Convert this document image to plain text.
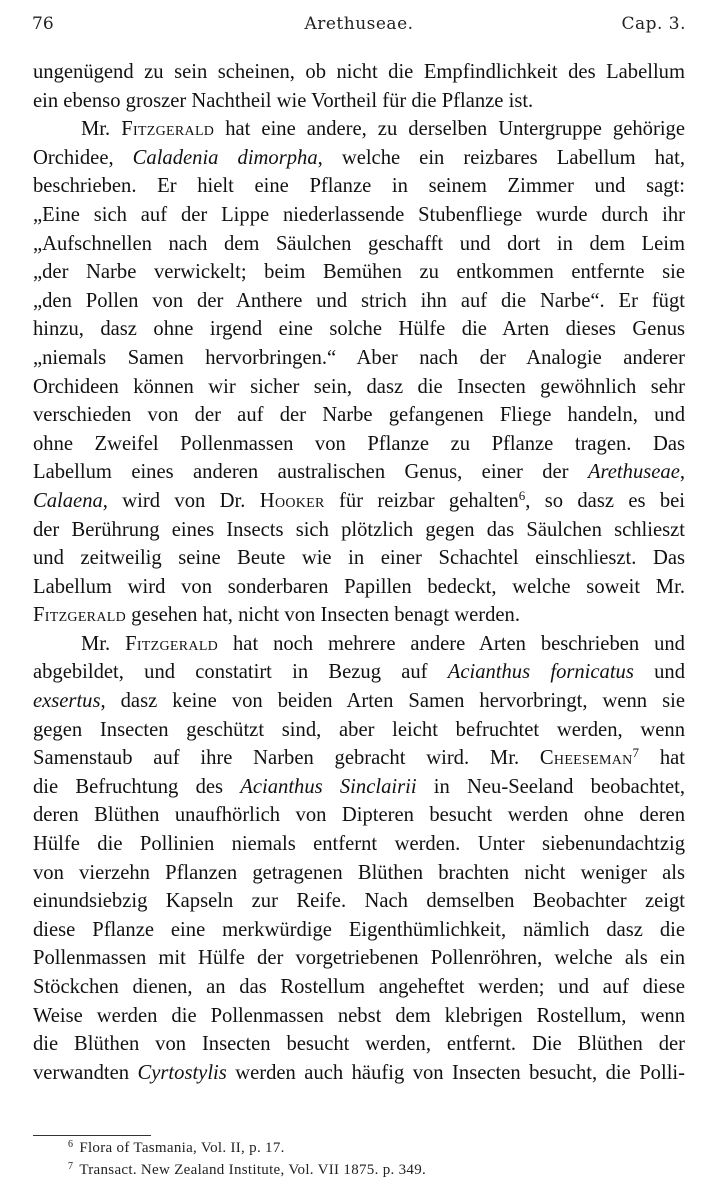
76	Arethuseae.	Cap. 3.
ungenügend zu sein scheinen, ob nicht die Empfindlichkeit des Labellum
ein ebenso groszer Nachtheil wie Vortheil für die Pflanze ist.
Mr. Fitzgerald hat eine andere, zu derselben Untergruppe gehörige
Orchidee, Caladenia dimorpha, welche ein reizbares Labellum hat,
beschrieben. Er hielt eine Pflanze in seinem Zimmer und sagt:
„Eine sich auf der Lippe niederlassende Stubenfliege wurde durch ihr
„Aufschnellen nach dem Säulchen geschafft und dort in dem Leim
„der Narbe verwickelt; beim Bemühen zu entkommen entfernte sie
„den Pollen von der Anthere und strich ihn auf die Narbe“. Er fügt
hinzu, dasz ohne irgend eine solche Hülfe die Arten dieses Genus
„niemals Samen hervorbringen.“ Aber nach der Analogie anderer
Orchideen können wir sicher sein, dasz die Insecten gewöhnlich sehr
verschieden von der auf der Narbe gefangenen Fliege handeln, und
ohne Zweifel Pollenmassen von Pflanze zu Pflanze tragen. Das
Labellum eines anderen australischen Genus, einer der Arethuseae,
Calaena, wird von Dr. Hooker für reizbar gehalten$^6$, so dasz es bei
der Berührung eines Insects sich plötzlich gegen das Säulchen schlieszt
und zeitweilig seine Beute wie in einer Schachtel einschlieszt. Das
Labellum wird von sonderbaren Papillen bedeckt, welche soweit Mr.
Fitzgerald gesehen hat, nicht von Insecten benagt werden.
Mr. Fitzgerald hat noch mehrere andere Arten beschrieben und
abgebildet, und constatirt in Bezug auf Acianthus fornicatus und
exsertus, dasz keine von beiden Arten Samen hervorbringt, wenn sie
gegen Insecten geschützt sind, aber leicht befruchtet werden, wenn
Samenstaub auf ihre Narben gebracht wird. Mr. Cheeseman$^7$ hat
die Befruchtung des Acianthus Sinclairii in Neu-Seeland beobachtet,
deren Blüthen unaufhörlich von Dipteren besucht werden ohne deren
Hülfe die Pollinien niemals entfernt werden. Unter siebenundachtzig
von vierzehn Pflanzen getragenen Blüthen brachten nicht weniger als
einundsiebzig Kapseln zur Reife. Nach demselben Beobachter zeigt
diese Pflanze eine merkwürdige Eigenthümlichkeit, nämlich dasz die
Pollenmassen mit Hülfe der vorgetriebenen Pollenröhren, welche als ein
Stöckchen dienen, an das Rostellum angeheftet werden; und auf diese
Weise werden die Pollenmassen nebst dem klebrigen Rostellum, wenn
die Blüthen von Insecten besucht werden, entfernt. Die Blüthen der
verwandten Cyrtostylis werden auch häufig von Insecten besucht, die Polli-
$^6$ Flora of Tasmania, Vol. II, p. 17.
$^7$ Transact. New Zealand Institute, Vol. VII 1875. p. 349.
